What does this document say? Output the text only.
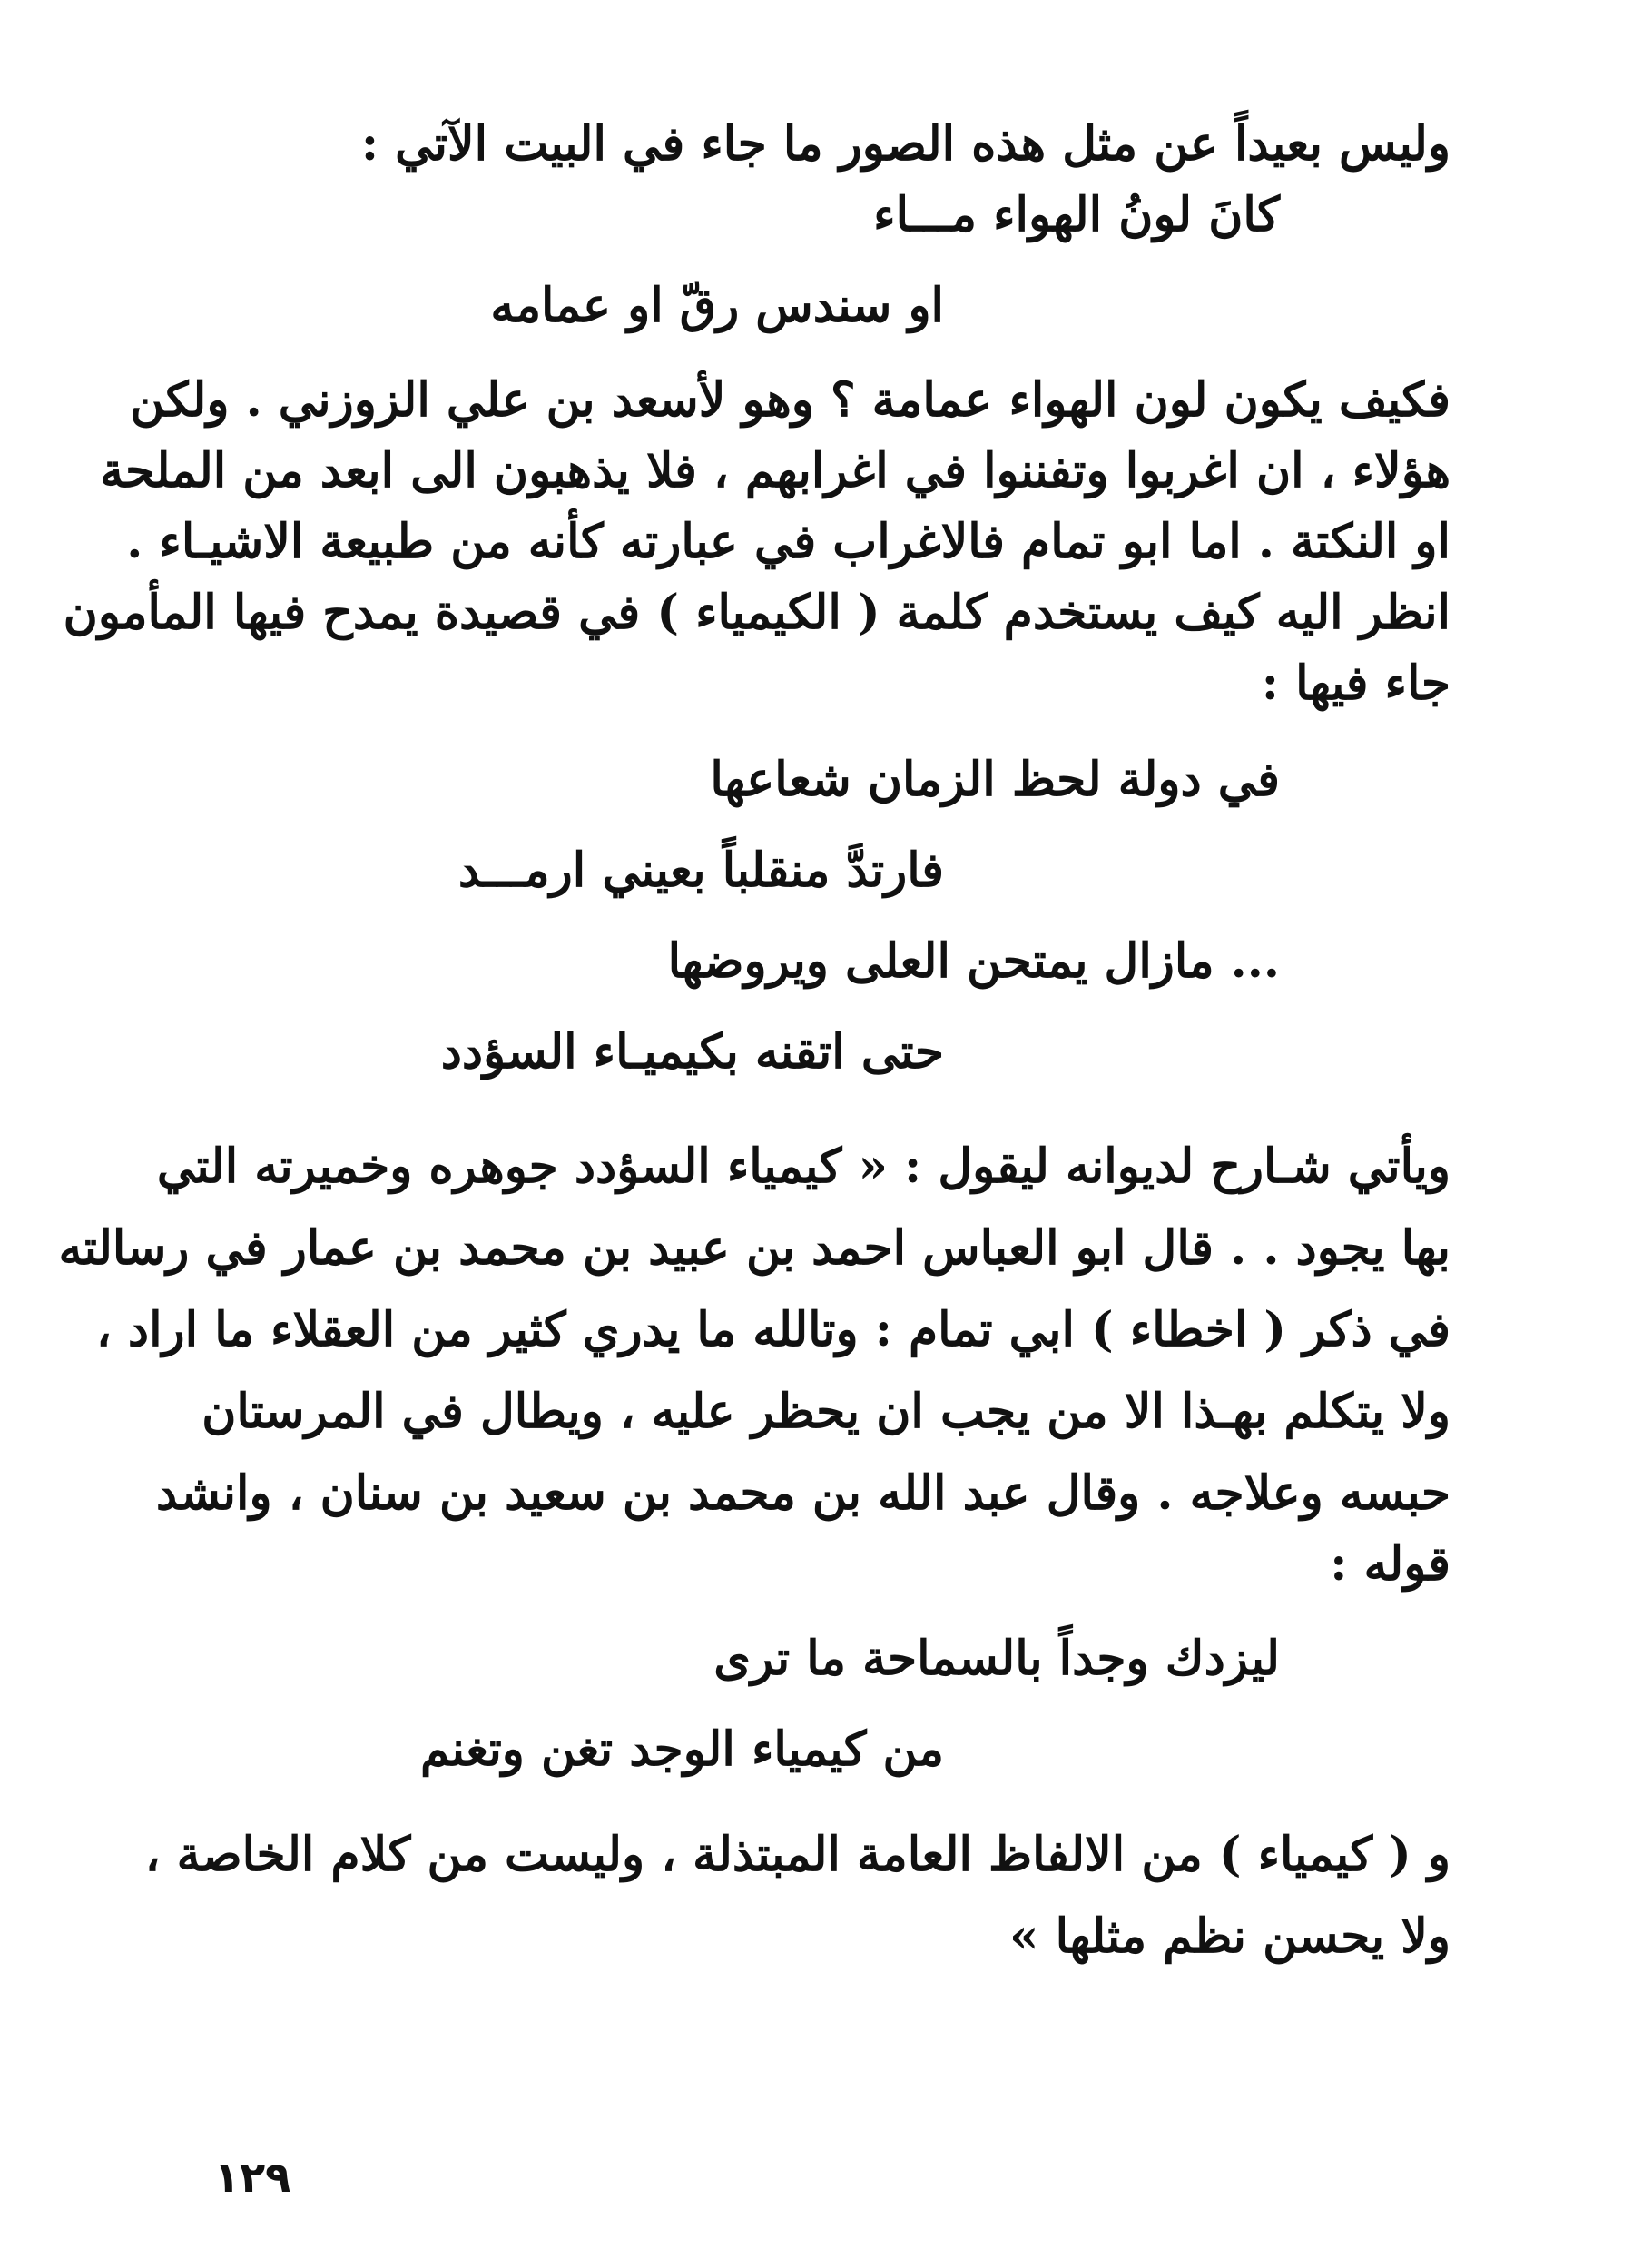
وليس بعيداً عن مثل هذه الصور ما جاء في البيت الآتي :
كانَ لونُ الهواء مـــاء
او سندس رقّ او عمامه
فكيف يكون لون الهواء عمامة ؟ وهو لأسعد بن علي الزوزني . ولكن
هؤلاء ، ان اغربوا وتفننوا في اغرابهم ، فلا يذهبون الى ابعد من الملحة
او النكتة . اما ابو تمام فالاغراب في عبارته كأنه من طبيعة الاشيـاء .
انظر اليه كيف يستخدم كلمة ( الكيمياء ) في قصيدة يمدح فيها المأمون
جاء فيها :
في دولة لحظ الزمان شعاعها
فارتدَّ منقلباً بعيني ارمـــد
... مازال يمتحن العلى ويروضها
حتى اتقنه بكيميـاء السؤدد
ويأتي شـارح لديوانه ليقول : « كيمياء السؤدد جوهره وخميرته التي
بها يجود . . قال ابو العباس احمد بن عبيد بن محمد بن عمار في رسالته
في ذكر ( اخطاء ) ابي تمام : وتالله ما يدري كثير من العقلاء ما اراد ،
ولا يتكلم بهـذا الا من يجب ان يحظر عليه ، ويطال في المرستان
حبسه وعلاجه . وقال عبد الله بن محمد بن سعيد بن سنان ، وانشد
قوله :
ليزدك وجداً بالسماحة ما ترى
من كيمياء الوجد تغن وتغنم
و ( كيمياء ) من الالفاظ العامة المبتذلة ، وليست من كلام الخاصة ،
ولا يحسن نظم مثلها »
١٢٩
